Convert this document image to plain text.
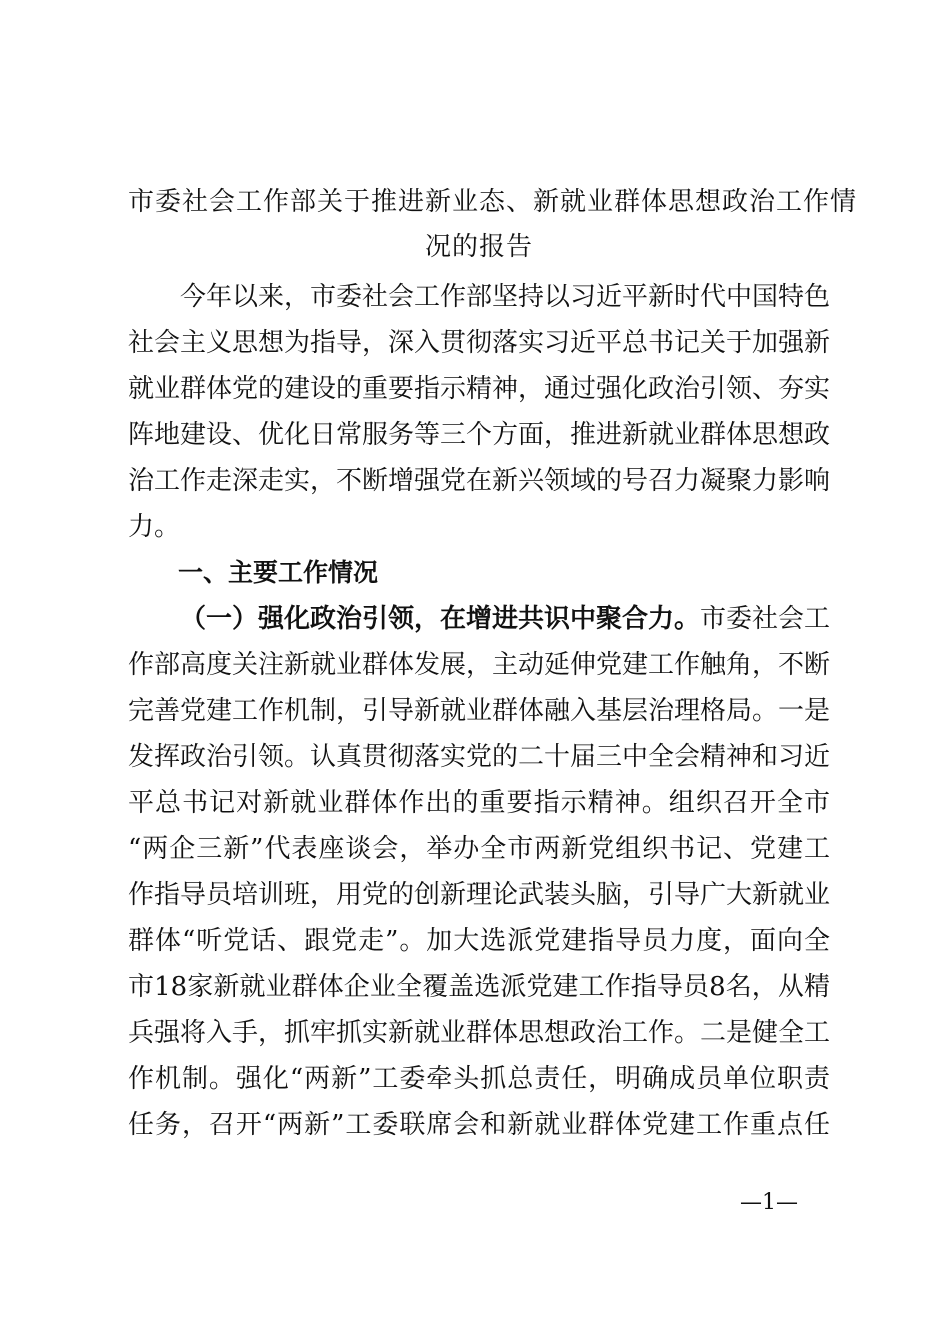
市委社会工作部关于推进新业态、新就业群体思想政治工作情
况的报告
今年以来，市委社会工作部坚持以习近平新时代中国特色
社会主义思想为指导，深入贯彻落实习近平总书记关于加强新
就业群体党的建设的重要指示精神，通过强化政治引领、夯实
阵地建设、优化日常服务等三个方面，推进新就业群体思想政
治工作走深走实，不断增强党在新兴领域的号召力凝聚力影响
力。
一、主要工作情况
（一）强化政治引领，在增进共识中聚合力。市委社会工
作部高度关注新就业群体发展，主动延伸党建工作触角，不断
完善党建工作机制，引导新就业群体融入基层治理格局。一是
发挥政治引领。认真贯彻落实党的二十届三中全会精神和习近
平总书记对新就业群体作出的重要指示精神。组织召开全市
“两企三新”代表座谈会，举办全市两新党组织书记、党建工
作指导员培训班，用党的创新理论武装头脑，引导广大新就业
群体“听党话、跟党走”。加大选派党建指导员力度，面向全
市18家新就业群体企业全覆盖选派党建工作指导员8名，从精
兵强将入手，抓牢抓实新就业群体思想政治工作。二是健全工
作机制。强化“两新”工委牵头抓总责任，明确成员单位职责
任务，召开“两新”工委联席会和新就业群体党建工作重点任
—1—
